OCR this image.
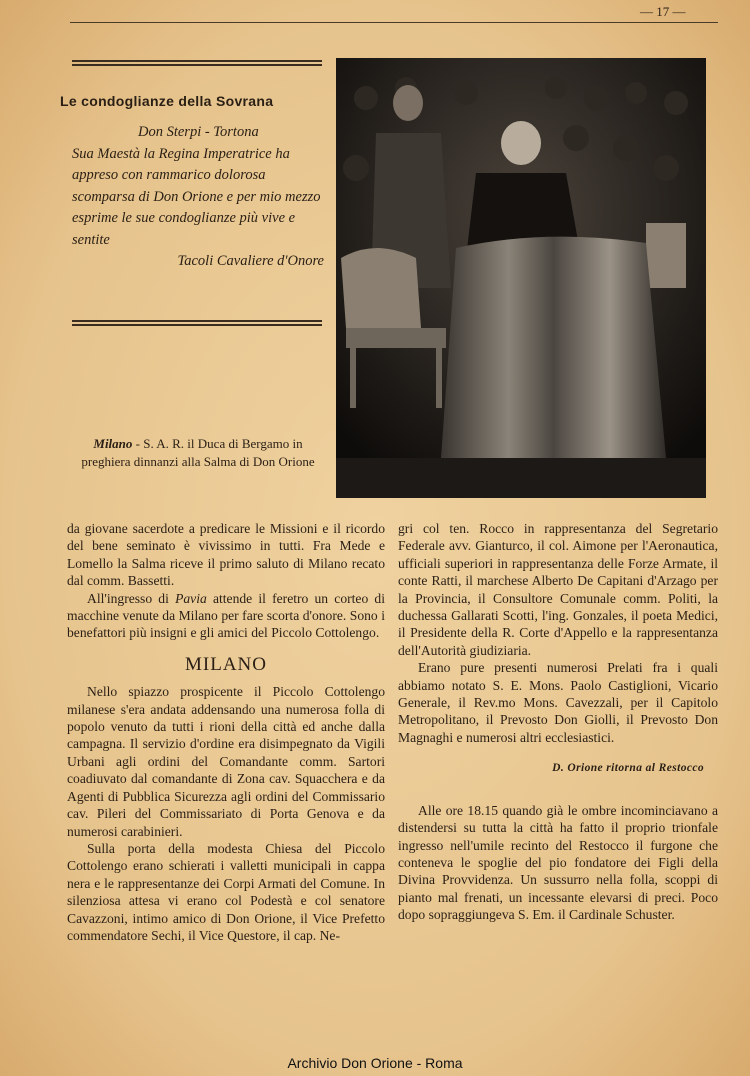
— 17 —
Le condoglianze della Sovrana
Don Sterpi - Tortona
Sua Maestà la Regina Imperatrice ha appreso con rammarico dolorosa scomparsa di Don Orione e per mio mezzo esprime le sue condoglianze più vive e sentite
Tacoli Cavaliere d'Onore
Milano - S. A. R. il Duca di Bergamo in preghiera dinnanzi alla Salma di Don Orione

da giovane sacerdote a predicare le Missioni e il ricordo del bene seminato è vivissimo in tutti. Fra Mede e Lomello la Salma riceve il primo saluto di Milano recato dal comm. Bassetti.

All'ingresso di Pavia attende il feretro un corteo di macchine venute da Milano per fare scorta d'onore. Sono i benefattori più insigni e gli amici del Piccolo Cottolengo.

MILANO

Nello spiazzo prospicente il Piccolo Cottolengo milanese s'era andata addensando una numerosa folla di popolo venuto da tutti i rioni della città ed anche dalla campagna. Il servizio d'ordine era disimpegnato da Vigili Urbani agli ordini del Comandante comm. Sartori coadiuvato dal comandante di Zona cav. Squacchera e da Agenti di Pubblica Sicurezza agli ordini del Commissario cav. Pileri del Commissariato di Porta Genova e da numerosi carabinieri.

Sulla porta della modesta Chiesa del Piccolo Cottolengo erano schierati i valletti municipali in cappa nera e le rappresentanze dei Corpi Armati del Comune. In silenziosa attesa vi erano col Podestà e col senatore Cavazzoni, intimo amico di Don Orione, il Vice Prefetto commendatore Sechi, il Vice Questore, il cap. Ne-

gri col ten. Rocco in rappresentanza del Segretario Federale avv. Gianturco, il col. Aimone per l'Aeronautica, ufficiali superiori in rappresentanza delle Forze Armate, il conte Ratti, il marchese Alberto De Capitani d'Arzago per la Provincia, il Consultore Comunale comm. Politi, la duchessa Gallarati Scotti, l'ing. Gonzales, il poeta Medici, il Presidente della R. Corte d'Appello e la rappresentanza dell'Autorità giudiziaria.

Erano pure presenti numerosi Prelati fra i quali abbiamo notato S. E. Mons. Paolo Castiglioni, Vicario Generale, il Rev.mo Mons. Cavezzali, per il Capitolo Metropolitano, il Prevosto Don Giolli, il Prevosto Don Magnaghi e numerosi altri ecclesiastici.

D. Orione ritorna al Restocco

Alle ore 18.15 quando già le ombre incominciavano a distendersi su tutta la città ha fatto il proprio trionfale ingresso nell'umile recinto del Restocco il furgone che conteneva le spoglie del pio fondatore dei Figli della Divina Provvidenza. Un sussurro nella folla, scoppi di pianto mal frenati, un incessante elevarsi di preci. Poco dopo sopraggiungeva S. Em. il Cardinale Schuster.

Archivio Don Orione - Roma
